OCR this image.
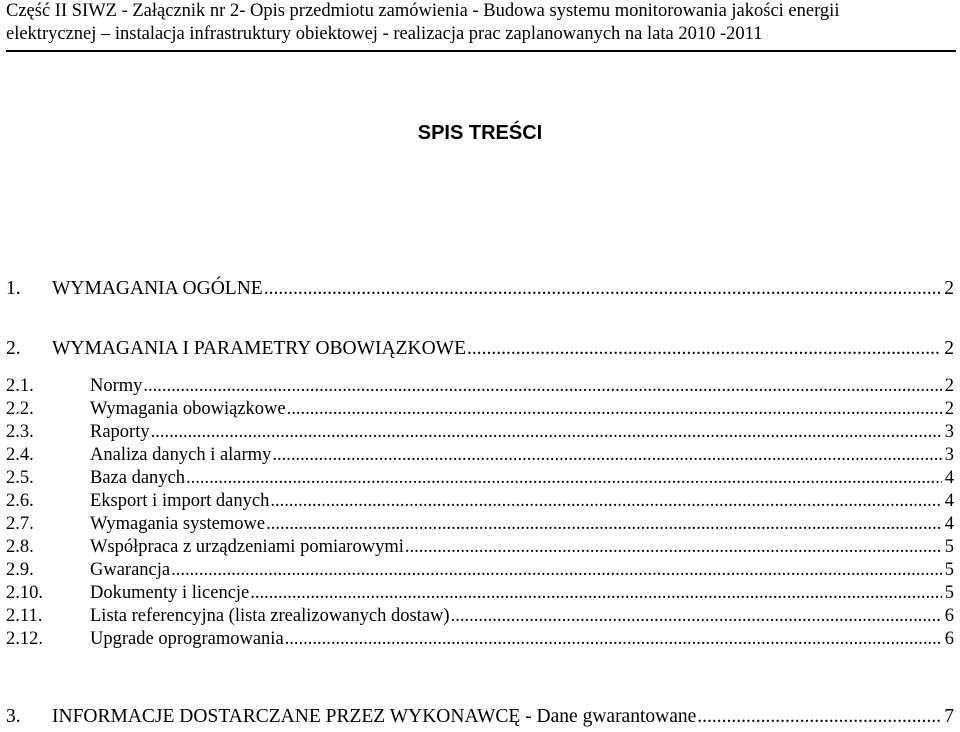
Część II SIWZ - Załącznik nr 2- Opis przedmiotu zamówienia - Budowa systemu monitorowania jakości energii
elektrycznej – instalacja infrastruktury obiektowej - realizacja prac zaplanowanych na lata 2010 -2011
SPIS TREŚCI
1.	WYMAGANIA OGÓLNE .....	2
2.	WYMAGANIA I PARAMETRY OBOWIĄZKOWE .....	2
2.1.	Normy .....	2
2.2.	Wymagania obowiązkowe .....	2
2.3.	Raporty .....	3
2.4.	Analiza danych i alarmy .....	3
2.5.	Baza danych .....	4
2.6.	Eksport i import danych .....	4
2.7.	Wymagania systemowe .....	4
2.8.	Współpraca z urządzeniami pomiarowymi .....	5
2.9.	Gwarancja .....	5
2.10.	Dokumenty i licencje .....	5
2.11.	Lista referencyjna (lista zrealizowanych dostaw) .....	6
2.12.	Upgrade oprogramowania .....	6
3.	INFORMACJE DOSTARCZANE PRZEZ WYKONAWCĘ - Dane gwarantowane .....	7
